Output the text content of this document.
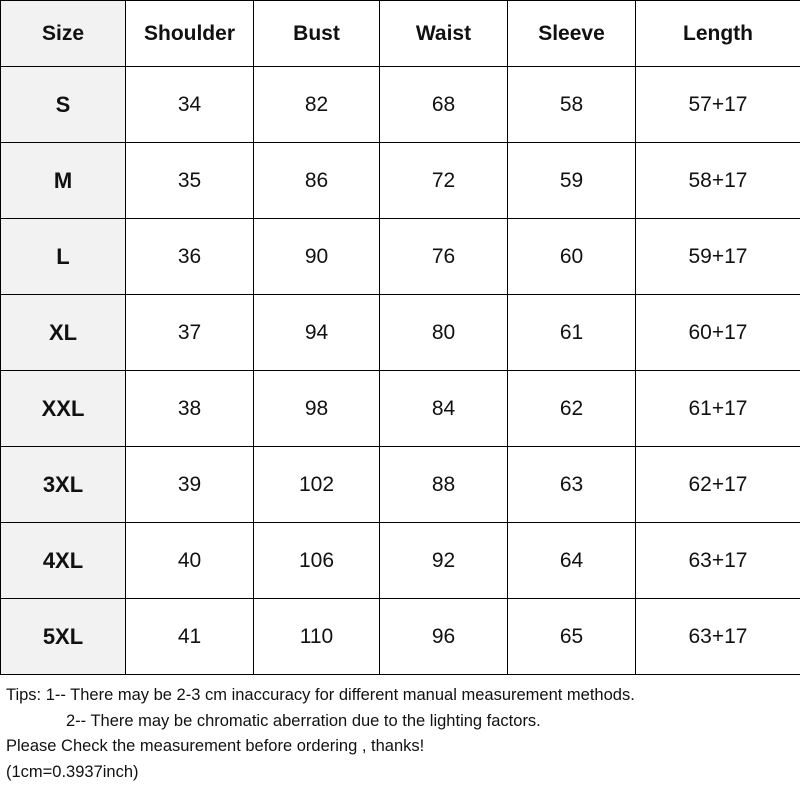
Size	Shoulder	Bust	Waist	Sleeve	Length
S	34	82	68	58	57+17
M	35	86	72	59	58+17
L	36	90	76	60	59+17
XL	37	94	80	61	60+17
XXL	38	98	84	62	61+17
3XL	39	102	88	63	62+17
4XL	40	106	92	64	63+17
5XL	41	110	96	65	63+17
Tips: 1-- There may be 2-3 cm inaccuracy for different manual measurement methods.
2-- There may be chromatic aberration due to the lighting factors.
Please Check the measurement before ordering , thanks!
(1cm=0.3937inch)
